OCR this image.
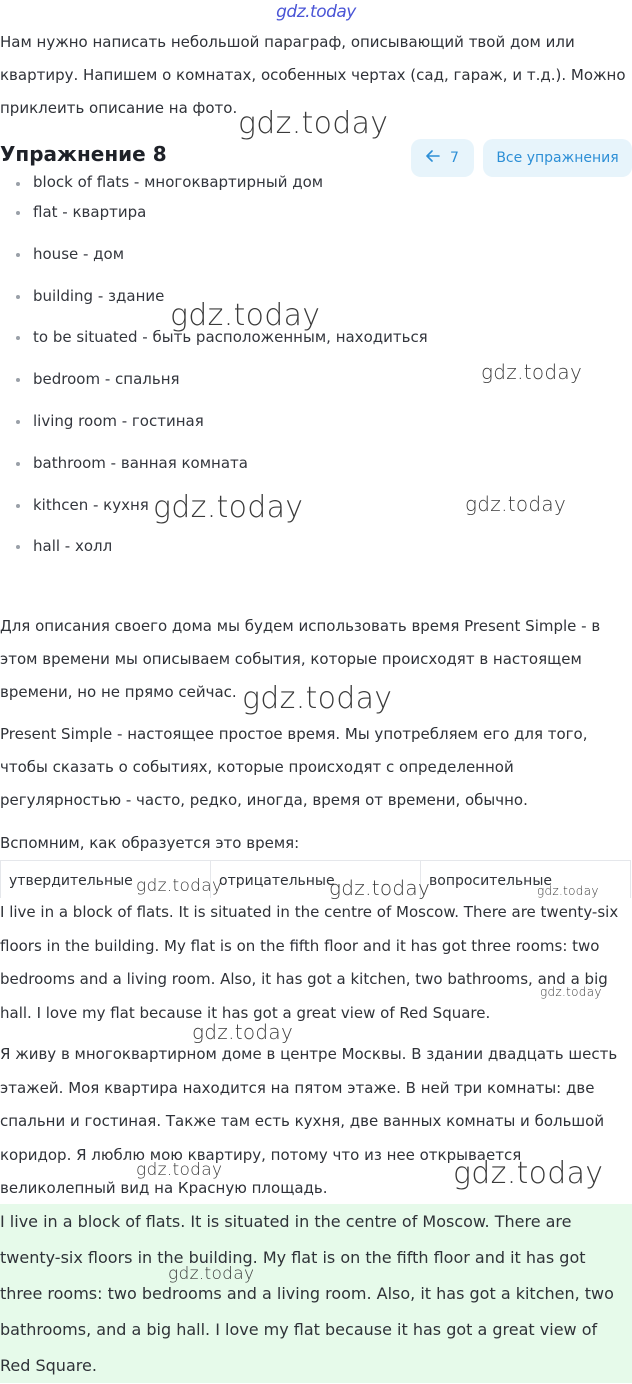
gdz.today
Нам нужно написать небольшой параграф, описывающий твой дом или квартиру. Напишем о комнатах, особенных чертах (сад, гараж, и т.д.). Можно приклеить описание на фото.
Упражнение 8	7	Все упражнения
block of flats - многоквартирный дом
flat - квартира
house - дом
building - здание
to be situated - быть расположенным, находиться
bedroom - спальня
living room - гостиная
bathroom - ванная комната
kithcen - кухня
hall - холл
Для описания своего дома мы будем использовать время Present Simple - в этом времени мы описываем события, которые происходят в настоящем времени, но не прямо сейчас.
Present Simple - настоящее простое время. Мы употребляем его для того, чтобы сказать о событиях, которые происходят с определенной регулярностью - часто, редко, иногда, время от времени, обычно.
Вспомним, как образуется это время:
утвердительные	отрицательные	вопросительные
I live in a block of flats. It is situated in the centre of Moscow. There are twenty-six floors in the building. My flat is on the fifth floor and it has got three rooms: two bedrooms and a living room. Also, it has got a kitchen, two bathrooms, and a big hall. I love my flat because it has got a great view of Red Square.
Я живу в многоквартирном доме в центре Москвы. В здании двадцать шесть этажей. Моя квартира находится на пятом этаже. В ней три комнаты: две спальни и гостиная. Также там есть кухня, две ванных комнаты и большой коридор. Я люблю мою квартиру, потому что из нее открывается великолепный вид на Красную площадь.
I live in a block of flats. It is situated in the centre of Moscow. There are twenty-six floors in the building. My flat is on the fifth floor and it has got three rooms: two bedrooms and a living room. Also, it has got a kitchen, two bathrooms, and a big hall. I love my flat because it has got a great view of Red Square.
gdz.today
gdz.today
gdz.today
gdz.today	gdz.today
gdz.today
gdz.today	gdz.today	gdz.today
gdz.today
gdz.today
gdz.today	gdz.today
gdz.today
